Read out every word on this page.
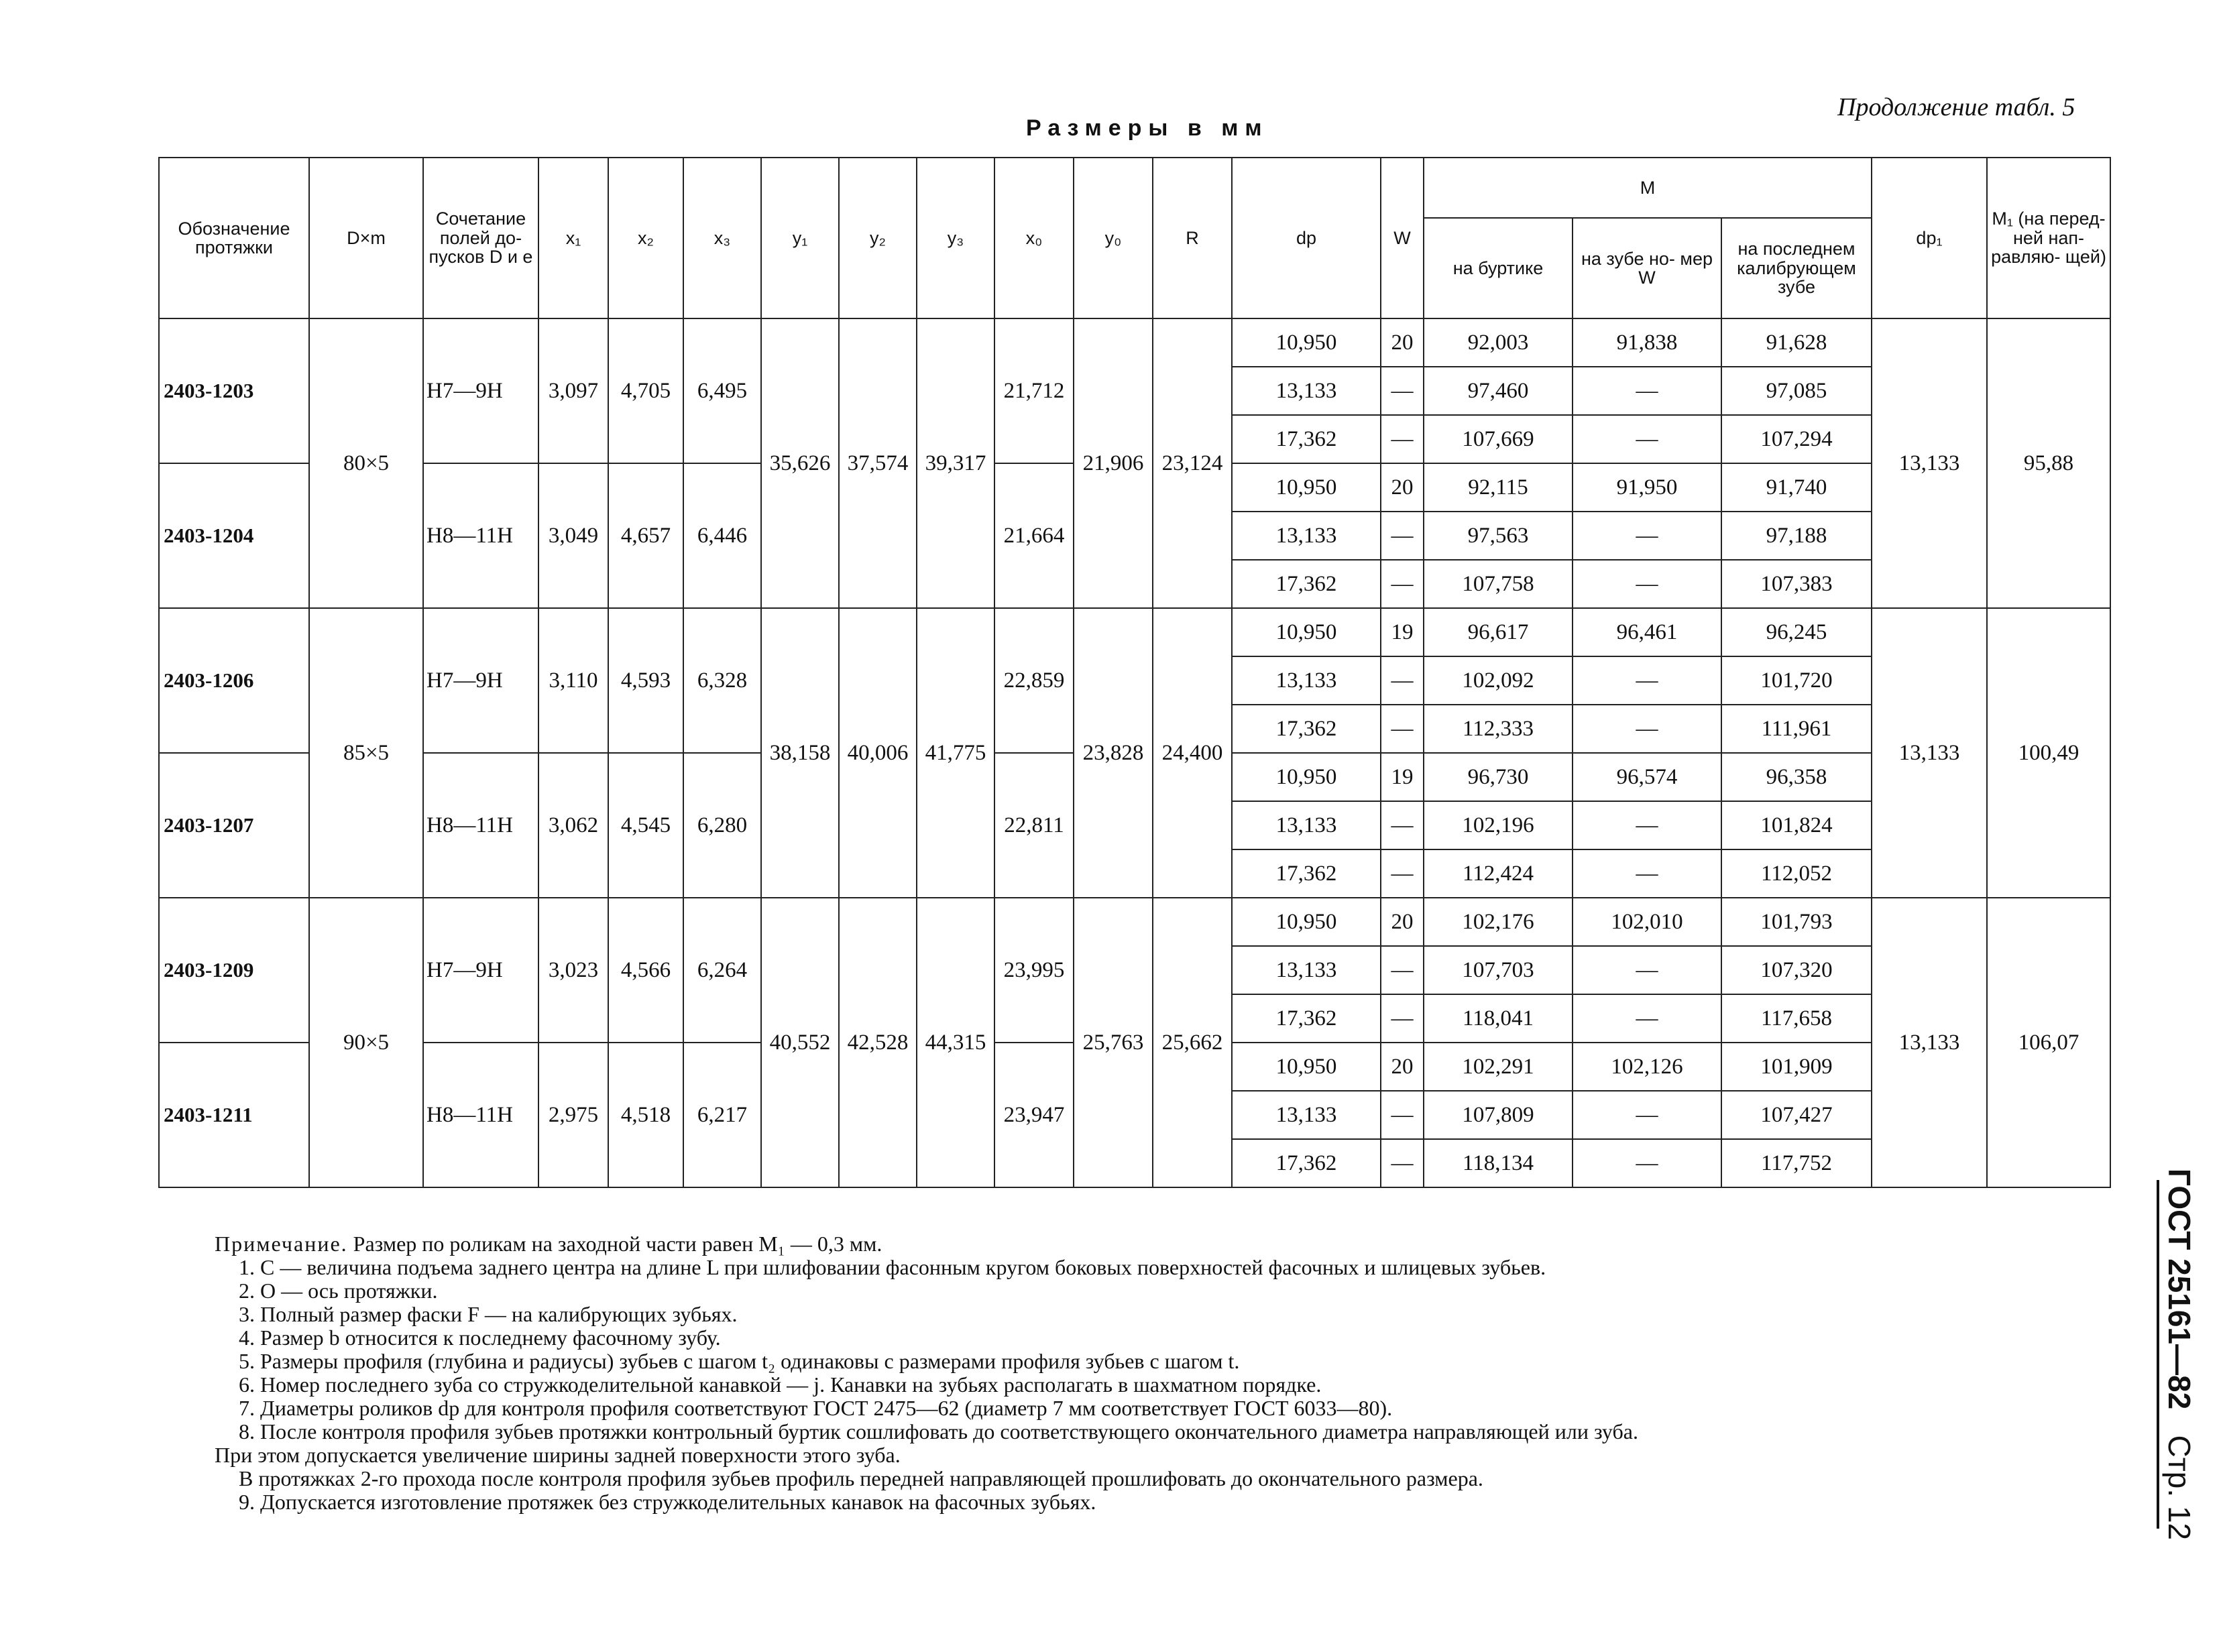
Продолжение табл. 5
Размеры в мм
Обозначение протяжки	D×m	Сочетание полей до- пусков D и е	x₁	x₂	x₃	y₁	y₂	y₃	x₀	y₀	R	dp	W	M			dp₁	M₁ (на перед- ней нап- равляю- щей)
														на буртике	на зубе но- мер W	на последнем калибрующем зубе		
2403-1203	80×5	H7—9H	3,097	4,705	6,495	35,626	37,574	39,317	21,712	21,906	23,124	10,950	20	92,003	91,838	91,628	13,133	95,88
												13,133	—	97,460	—	97,085		
												17,362	—	107,669	—	107,294		
2403-1204		H8—11H	3,049	4,657	6,446				21,664			10,950	20	92,115	91,950	91,740		
												13,133	—	97,563	—	97,188		
												17,362	—	107,758	—	107,383		
2403-1206	85×5	H7—9H	3,110	4,593	6,328	38,158	40,006	41,775	22,859	23,828	24,400	10,950	19	96,617	96,461	96,245	13,133	100,49
												13,133	—	102,092	—	101,720		
												17,362	—	112,333	—	111,961		
2403-1207		H8—11H	3,062	4,545	6,280				22,811			10,950	19	96,730	96,574	96,358		
												13,133	—	102,196	—	101,824		
												17,362	—	112,424	—	112,052		
2403-1209	90×5	H7—9H	3,023	4,566	6,264	40,552	42,528	44,315	23,995	25,763	25,662	10,950	20	102,176	102,010	101,793	13,133	106,07
												13,133	—	107,703	—	107,320		
												17,362	—	118,041	—	117,658		
2403-1211		H8—11H	2,975	4,518	6,217				23,947			10,950	20	102,291	102,126	101,909		
												13,133	—	107,809	—	107,427		
												17,362	—	118,134	—	117,752		
Примечание. Размер по роликам на заходной части равен M₁ — 0,3 мм.
1. С — величина подъема заднего центра на длине L при шлифовании фасонным кругом боковых поверхностей фасочных и шлицевых зубьев.
2. О — ось протяжки.
3. Полный размер фаски F — на калибрующих зубьях.
4. Размер b относится к последнему фасочному зубу.
5. Размеры профиля (глубина и радиусы) зубьев с шагом t₂ одинаковы с размерами профиля зубьев с шагом t.
6. Номер последнего зуба со стружкоделительной канавкой — j. Канавки на зубьях располагать в шахматном порядке.
7. Диаметры роликов dp для контроля профиля соответствуют ГОСТ 2475—62 (диаметр 7 мм соответствует ГОСТ 6033—80).
8. После контроля профиля зубьев протяжки контрольный буртик сошлифовать до соответствующего окончательного диаметра направляющей или зуба.
При этом допускается увеличение ширины задней поверхности этого зуба.
В протяжках 2-го прохода после контроля профиля зубьев профиль передней направляющей прошлифовать до окончательного размера.
9. Допускается изготовление протяжек без стружкоделительных канавок на фасочных зубьях.
ГОСТ 25161—82   Стр. 12
